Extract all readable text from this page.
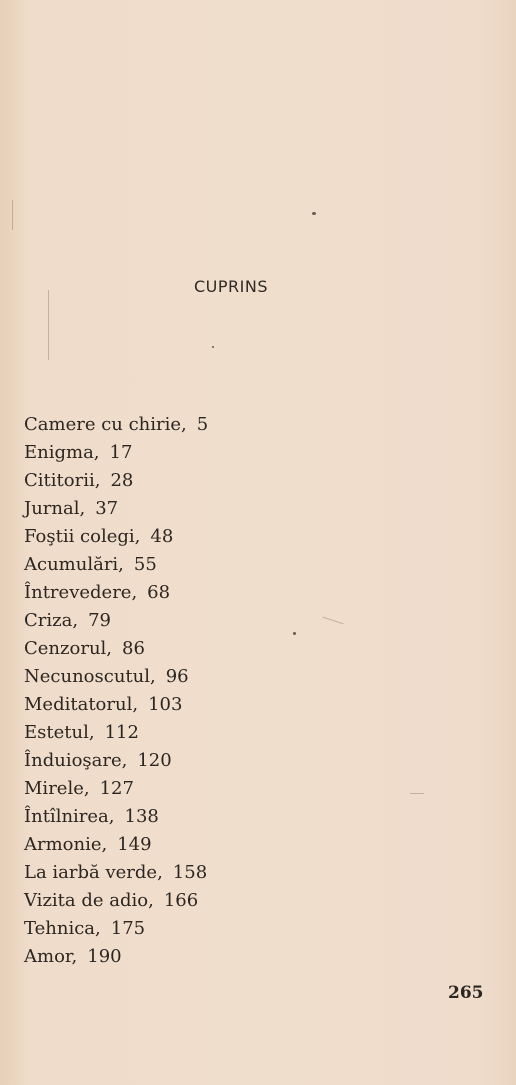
CUPRINS
Camere cu chirie, 5
Enigma, 17
Cititorii, 28
Jurnal, 37
Foştii colegi, 48
Acumulări, 55
Întrevedere, 68
Criza, 79
Cenzorul, 86
Necunoscutul, 96
Meditatorul, 103
Estetul, 112
Înduioşare, 120
Mirele, 127
Întîlnirea, 138
Armonie, 149
La iarbă verde, 158
Vizita de adio, 166
Tehnica, 175
Amor, 190
265
